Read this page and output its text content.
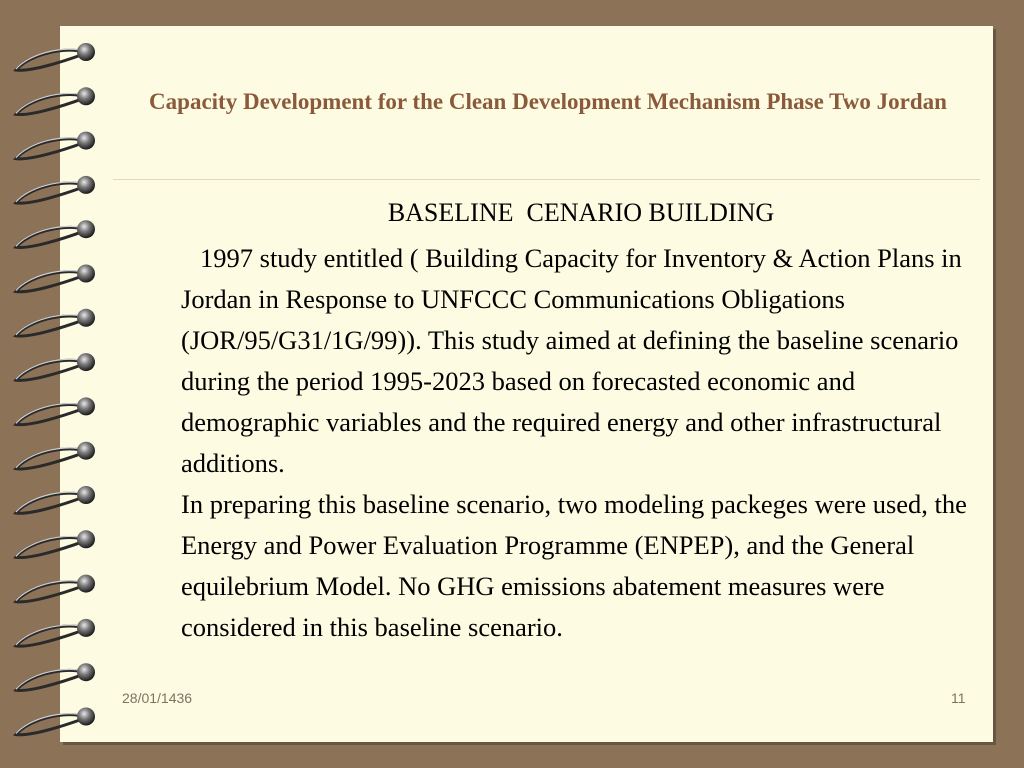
Capacity Development for the Clean Development Mechanism Phase Two Jordan
BASELINE  CENARIO BUILDING

1997 study entitled ( Building Capacity for Inventory & Action Plans in Jordan in Response to UNFCCC Communications Obligations (JOR/95/G31/1G/99)). This study aimed at defining the baseline scenario during the period 1995-2023 based on forecasted economic and demographic variables and the required energy and other infrastructural additions.

In preparing this baseline scenario, two modeling packeges were used, the Energy and Power Evaluation Programme (ENPEP), and the General equilebrium Model. No GHG emissions abatement measures were considered in this baseline scenario.

28/01/1436	11
